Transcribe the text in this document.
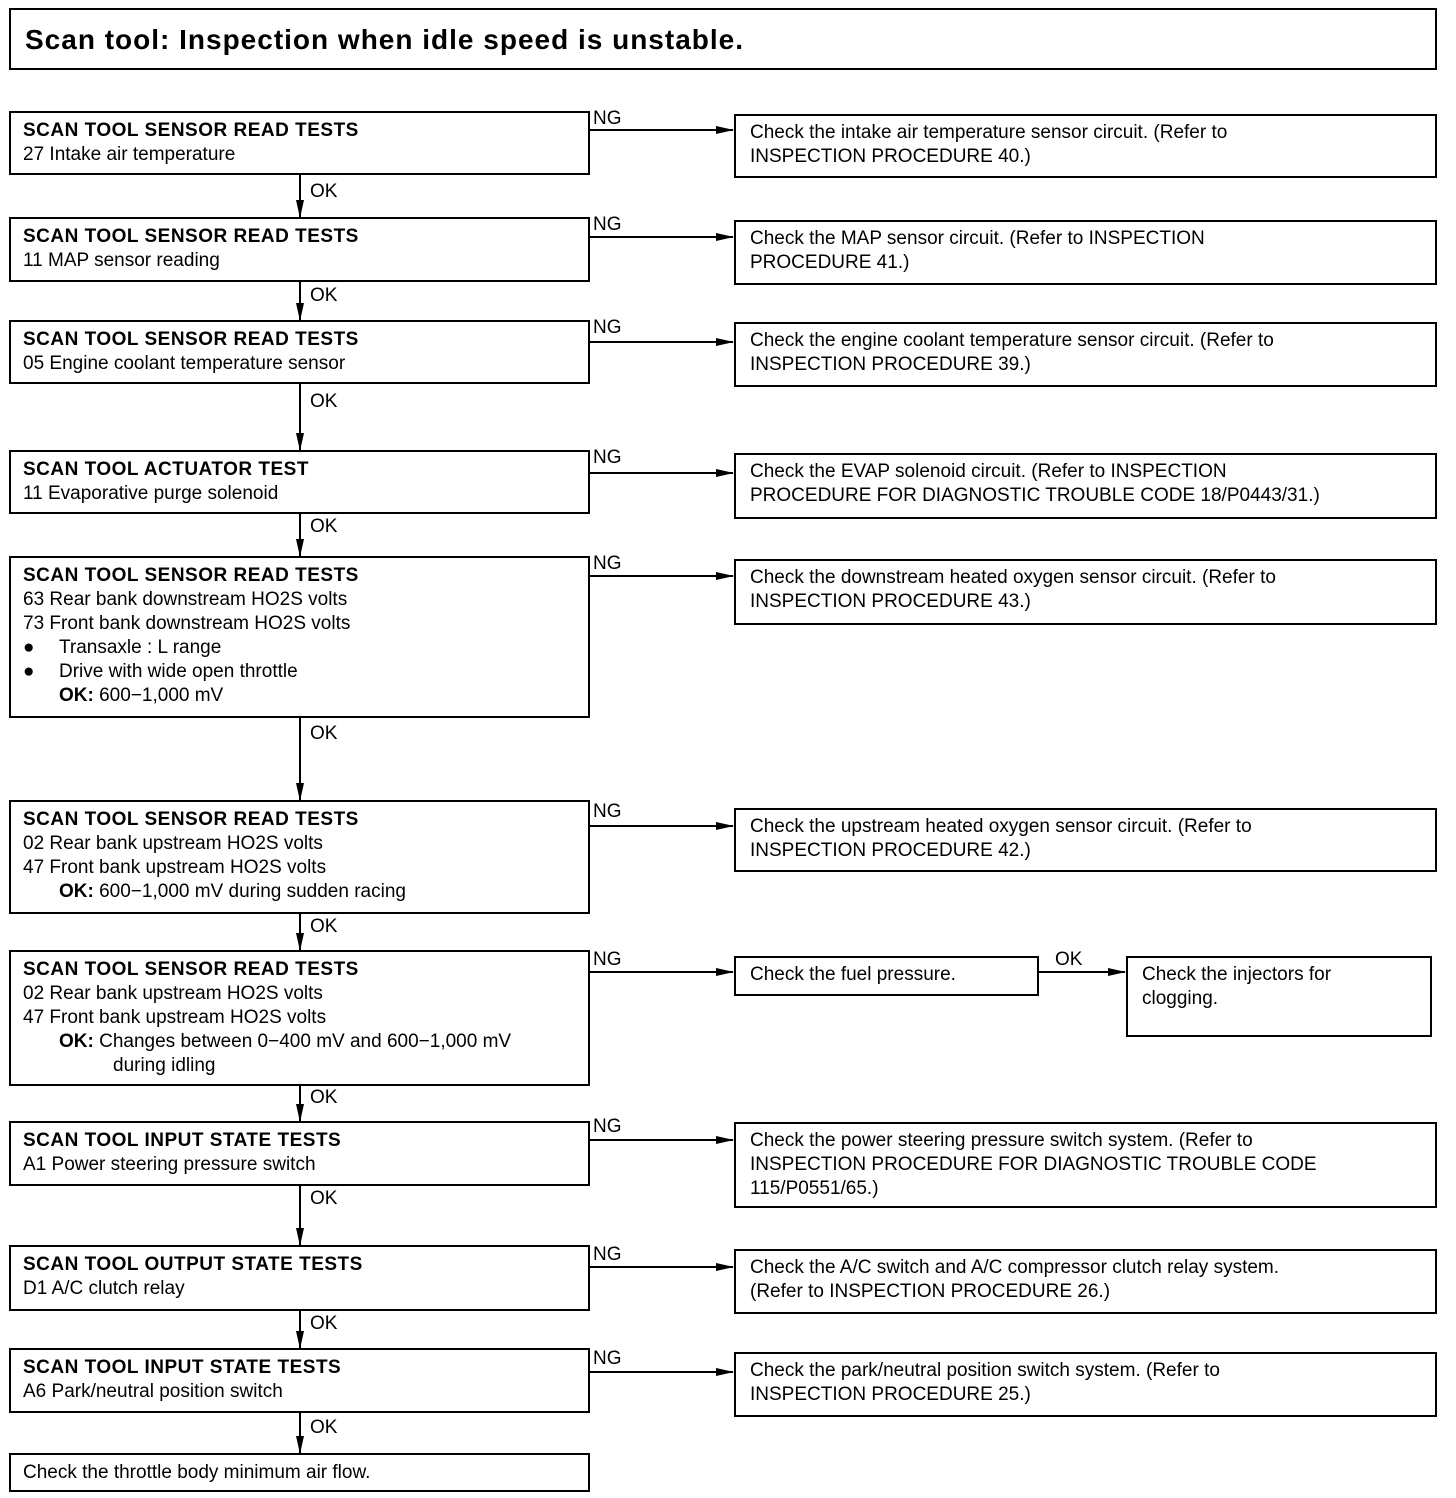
Scan tool: Inspection when idle speed is unstable.
NG
NG
NG
NG
NG
NG
NG
NG
NG
NG
OK
OK
OK
OK
OK
OK
OK
OK
OK
OK
OK
SCAN TOOL SENSOR READ TESTS
27 Intake air temperature
Check the intake air temperature sensor circuit. (Refer to
INSPECTION PROCEDURE 40.)
SCAN TOOL SENSOR READ TESTS
11 MAP sensor reading
Check the MAP sensor circuit. (Refer to INSPECTION
PROCEDURE 41.)
SCAN TOOL SENSOR READ TESTS
05 Engine coolant temperature sensor
Check the engine coolant temperature sensor circuit. (Refer to
INSPECTION PROCEDURE 39.)
SCAN TOOL ACTUATOR TEST
11 Evaporative purge solenoid
Check the EVAP solenoid circuit. (Refer to INSPECTION
PROCEDURE FOR DIAGNOSTIC TROUBLE CODE 18/P0443/31.)
SCAN TOOL SENSOR READ TESTS
63 Rear bank downstream HO2S volts
73 Front bank downstream HO2S volts
● Transaxle : L range
● Drive with wide open throttle
OK: 600−1,000 mV
Check the downstream heated oxygen sensor circuit. (Refer to
INSPECTION PROCEDURE 43.)
SCAN TOOL SENSOR READ TESTS
02 Rear bank upstream HO2S volts
47 Front bank upstream HO2S volts
OK: 600−1,000 mV during sudden racing
Check the upstream heated oxygen sensor circuit. (Refer to
INSPECTION PROCEDURE 42.)
SCAN TOOL SENSOR READ TESTS
02 Rear bank upstream HO2S volts
47 Front bank upstream HO2S volts
OK: Changes between 0−400 mV and 600−1,000 mV
during idling
Check the fuel pressure.	Check the injectors for
clogging.
SCAN TOOL INPUT STATE TESTS
A1 Power steering pressure switch
Check the power steering pressure switch system. (Refer to
INSPECTION PROCEDURE FOR DIAGNOSTIC TROUBLE CODE
115/P0551/65.)
SCAN TOOL OUTPUT STATE TESTS
D1 A/C clutch relay
Check the A/C switch and A/C compressor clutch relay system.
(Refer to INSPECTION PROCEDURE 26.)
SCAN TOOL INPUT STATE TESTS
A6 Park/neutral position switch
Check the park/neutral position switch system. (Refer to
INSPECTION PROCEDURE 25.)
Check the throttle body minimum air flow.
